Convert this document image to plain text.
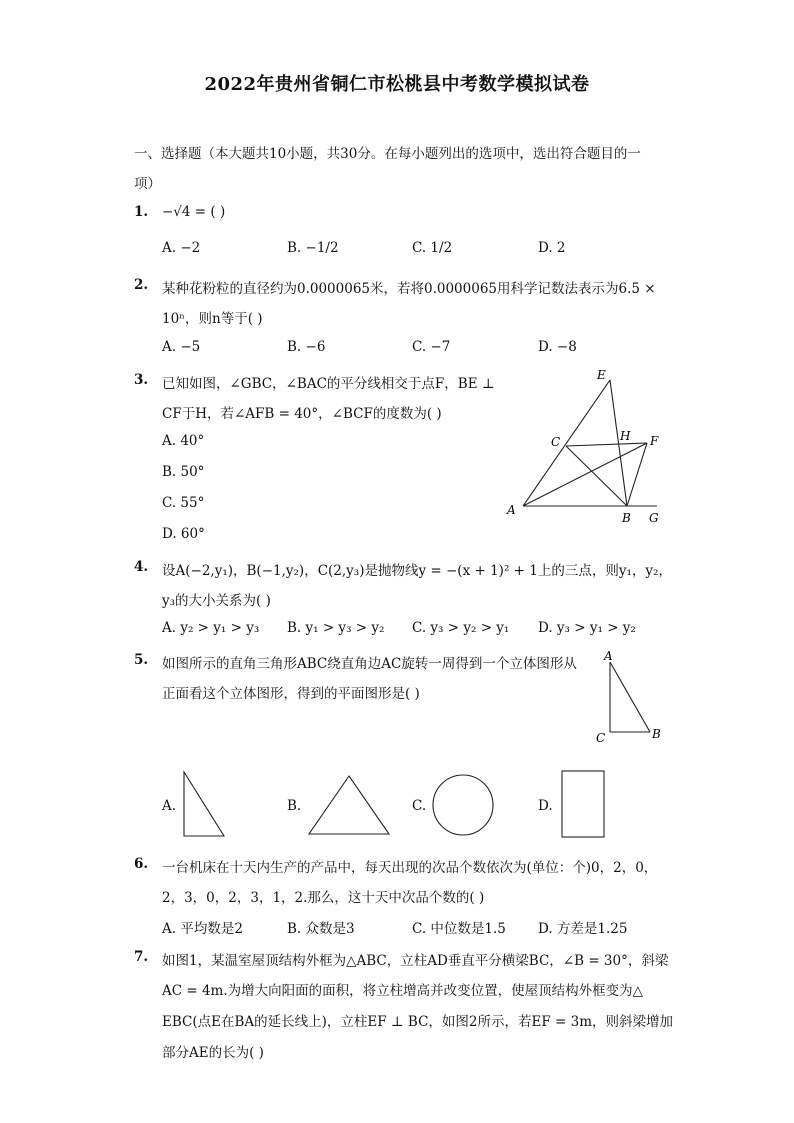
2022年贵州省铜仁市松桃县中考数学模拟试卷
一、选择题（本大题共10小题，共30分。在每小题列出的选项中，选出符合题目的一
项）
1. −√4 = ( )
A. −2	B. −1/2	C. 1/2	D. 2
2. 某种花粉粒的直径约为0.0000065米，若将0.0000065用科学记数法表示为6.5 ×
10ⁿ，则n等于( )
A. −5	B. −6	C. −7	D. −8
3. 已知如图，∠GBC，∠BAC的平分线相交于点F，BE ⊥
CF于H，若∠AFB = 40°，∠BCF的度数为( )
A. 40°
B. 50°
C. 55°
D. 60°
E
C	H F
A
B G
4. 设A(−2,y₁)，B(−1,y₂)，C(2,y₃)是抛物线y = −(x + 1)² + 1上的三点，则y₁，y₂，
y₃的大小关系为( )
A. y₂ > y₁ > y₃ B. y₁ > y₃ > y₂ C. y₃ > y₂ > y₁ D. y₃ > y₁ > y₂
5. 如图所示的直角三角形ABC绕直角边AC旋转一周得到一个立体图形从
正面看这个立体图形，得到的平面图形是( )
A
C	B
A.	B.	C.	D.
6. 一台机床在十天内生产的产品中，每天出现的次品个数依次为(单位：个)0，2，0，
2，3，0，2，3，1，2.那么，这十天中次品个数的( )
A. 平均数是2	B. 众数是3	C. 中位数是1.5 D. 方差是1.25
7. 如图1，某温室屋顶结构外框为△ABC，立柱AD垂直平分横梁BC，∠B = 30°，斜梁
AC = 4m.为增大向阳面的面积，将立柱增高并改变位置，使屋顶结构外框变为△
EBC(点E在BA的延长线上)，立柱EF ⊥ BC，如图2所示，若EF = 3m，则斜梁增加
部分AE的长为( )
